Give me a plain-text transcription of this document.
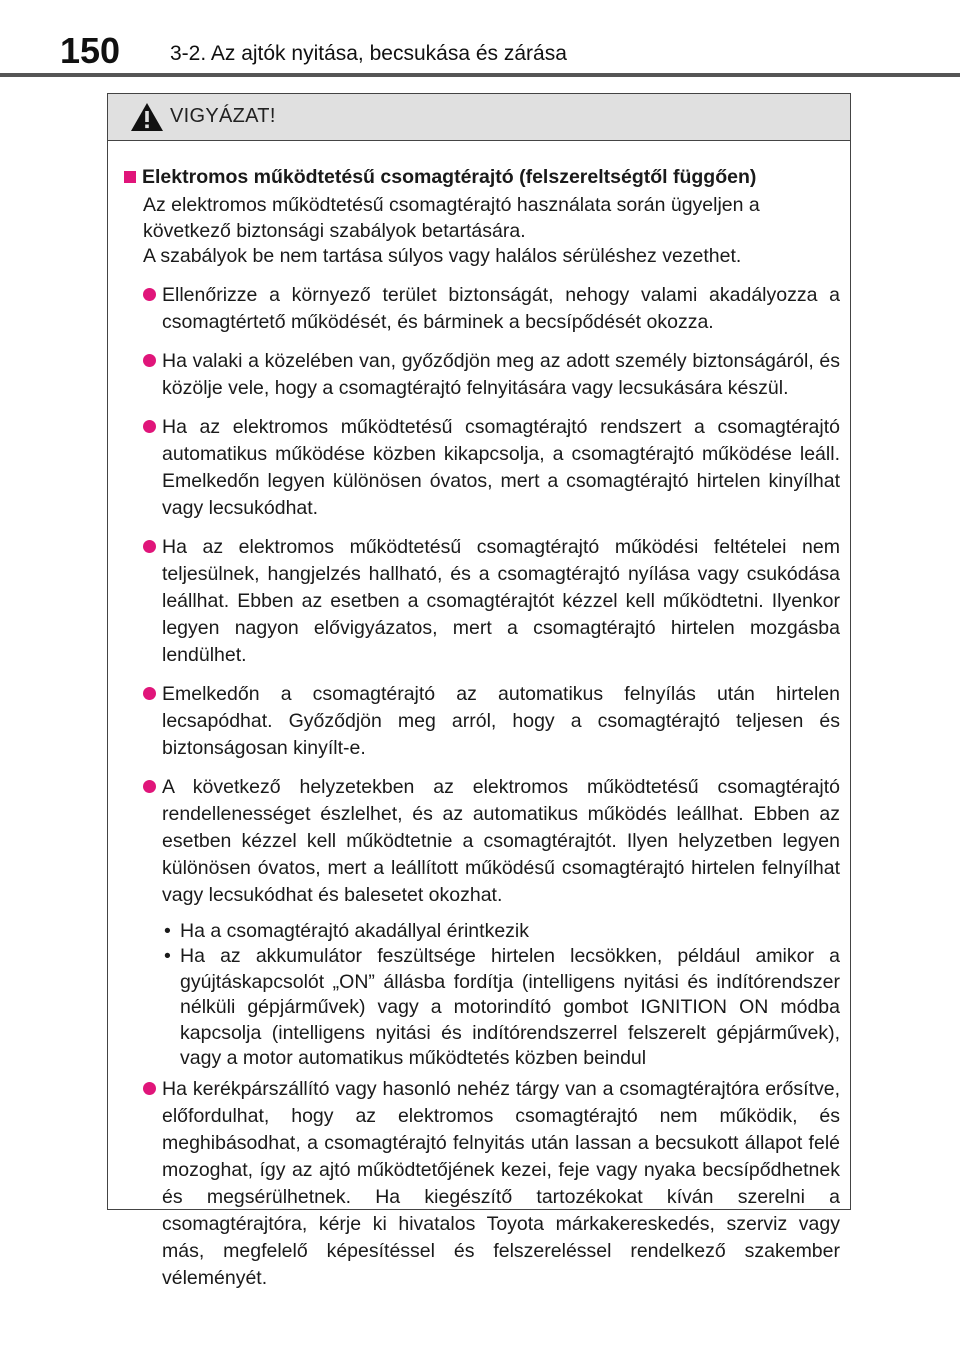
150 3-2. Az ajtók nyitása, becsukása és zárása
VIGYÁZAT!
Elektromos működtetésű csomagtérajtó (felszereltségtől függően)

Az elektromos működtetésű csomagtérajtó használata során ügyeljen a következő biztonsági szabályok betartására.

A szabályok be nem tartása súlyos vagy halálos sérüléshez vezethet.

Ellenőrizze a környező terület biztonságát, nehogy valami akadályozza a csomagtértető működését, és bárminek a becsípődését okozza.
Ha valaki a közelében van, győződjön meg az adott személy biztonságáról, és közölje vele, hogy a csomagtérajtó felnyitására vagy lecsukására készül.
Ha az elektromos működtetésű csomagtérajtó rendszert a csomagtérajtó automatikus működése közben kikapcsolja, a csomagtérajtó működése leáll. Emelkedőn legyen különösen óvatos, mert a csomagtérajtó hirtelen kinyílhat vagy lecsukódhat.
Ha az elektromos működtetésű csomagtérajtó működési feltételei nem teljesülnek, hangjelzés hallható, és a csomagtérajtó nyílása vagy csukódása leállhat. Ebben az esetben a csomagtérajtót kézzel kell működtetni. Ilyenkor legyen nagyon elővigyázatos, mert a csomagtérajtó hirtelen mozgásba lendülhet.
Emelkedőn a csomagtérajtó az automatikus felnyílás után hirtelen lecsapódhat. Győződjön meg arról, hogy a csomagtérajtó teljesen és biztonságosan kinyílt-e.
A következő helyzetekben az elektromos működtetésű csomagtérajtó rendellenességet észlelhet, és az automatikus működés leállhat. Ebben az esetben kézzel kell működtetnie a csomagtérajtót. Ilyen helyzetben legyen különösen óvatos, mert a leállított működésű csomagtérajtó hirtelen felnyílhat vagy lecsukódhat és balesetet okozhat.
• Ha a csomagtérajtó akadállyal érintkezik
• Ha az akkumulátor feszültsége hirtelen lecsökken, például amikor a gyújtáskapcsolót „ON” állásba fordítja (intelligens nyitási és indítórendszer nélküli gépjárművek) vagy a motorindító gombot IGNITION ON módba kapcsolja (intelligens nyitási és indítórendszerrel felszerelt gépjárművek), vagy a motor automatikus működtetés közben beindul
Ha kerékpárszállító vagy hasonló nehéz tárgy van a csomagtérajtóra erősítve, előfordulhat, hogy az elektromos csomagtérajtó nem működik, és meghibásodhat, a csomagtérajtó felnyitás után lassan a becsukott állapot felé mozoghat, így az ajtó működtetőjének kezei, feje vagy nyaka becsípődhetnek és megsérülhetnek. Ha kiegészítő tartozékokat kíván szerelni a csomagtérajtóra, kérje ki hivatalos Toyota márkakereskedés, szerviz vagy más, megfelelő képesítéssel és felszereléssel rendelkező szakember véleményét.
